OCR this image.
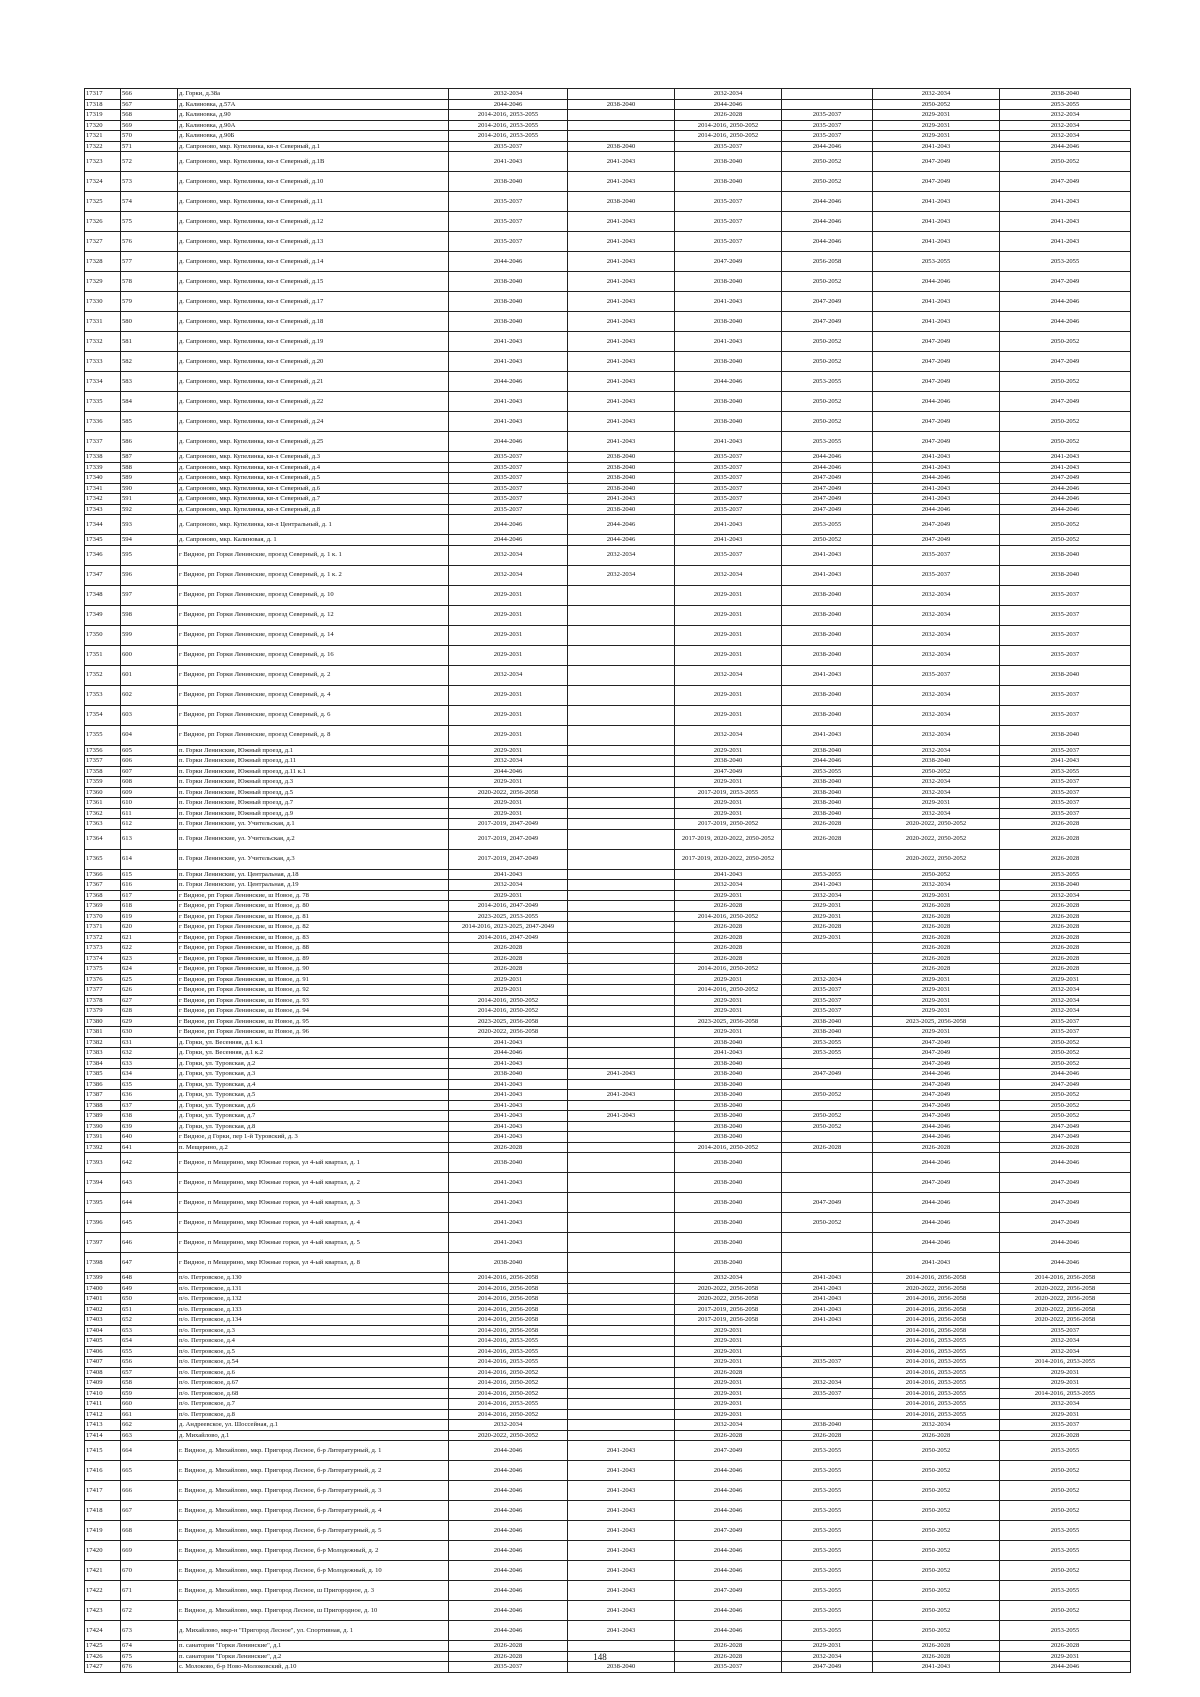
17317	566	д. Горки, д.38а	2032-2034		2032-2034		2032-2034	2038-2040
17318	567	д. Калиновка, д.57А	2044-2046	2038-2040	2044-2046		2050-2052	2053-2055
17319	568	д. Калиновка, д.90	2014-2016, 2053-2055		2026-2028	2035-2037	2029-2031	2032-2034
17320	569	д. Калиновка, д.90А	2014-2016, 2053-2055		2014-2016, 2050-2052	2035-2037	2029-2031	2032-2034
17321	570	д. Калиновка, д.90Б	2014-2016, 2053-2055		2014-2016, 2050-2052	2035-2037	2029-2031	2032-2034
17322	571	д. Сапроново, мкр. Купелинка, кв-л Северный, д.1	2035-2037	2038-2040	2035-2037	2044-2046	2041-2043	2044-2046
17323	572	д. Сапроново, мкр. Купелинка, кв-л Северный, д.1В	2041-2043	2041-2043	2038-2040	2050-2052	2047-2049	2050-2052
17324	573	д. Сапроново, мкр. Купелинка, кв-л Северный, д.10	2038-2040	2041-2043	2038-2040	2050-2052	2047-2049	2047-2049
17325	574	д. Сапроново, мкр. Купелинка, кв-л Северный, д.11	2035-2037	2038-2040	2035-2037	2044-2046	2041-2043	2041-2043
17326	575	д. Сапроново, мкр. Купелинка, кв-л Северный, д.12	2035-2037	2041-2043	2035-2037	2044-2046	2041-2043	2041-2043
17327	576	д. Сапроново, мкр. Купелинка, кв-л Северный, д.13	2035-2037	2041-2043	2035-2037	2044-2046	2041-2043	2041-2043
17328	577	д. Сапроново, мкр. Купелинка, кв-л Северный, д.14	2044-2046	2041-2043	2047-2049	2056-2058	2053-2055	2053-2055
17329	578	д. Сапроново, мкр. Купелинка, кв-л Северный, д.15	2038-2040	2041-2043	2038-2040	2050-2052	2044-2046	2047-2049
17330	579	д. Сапроново, мкр. Купелинка, кв-л Северный, д.17	2038-2040	2041-2043	2041-2043	2047-2049	2041-2043	2044-2046
17331	580	д. Сапроново, мкр. Купелинка, кв-л Северный, д.18	2038-2040	2041-2043	2038-2040	2047-2049	2041-2043	2044-2046
17332	581	д. Сапроново, мкр. Купелинка, кв-л Северный, д.19	2041-2043	2041-2043	2041-2043	2050-2052	2047-2049	2050-2052
17333	582	д. Сапроново, мкр. Купелинка, кв-л Северный, д.20	2041-2043	2041-2043	2038-2040	2050-2052	2047-2049	2047-2049
17334	583	д. Сапроново, мкр. Купелинка, кв-л Северный, д.21	2044-2046	2041-2043	2044-2046	2053-2055	2047-2049	2050-2052
17335	584	д. Сапроново, мкр. Купелинка, кв-л Северный, д.22	2041-2043	2041-2043	2038-2040	2050-2052	2044-2046	2047-2049
17336	585	д. Сапроново, мкр. Купелинка, кв-л Северный, д.24	2041-2043	2041-2043	2038-2040	2050-2052	2047-2049	2050-2052
17337	586	д. Сапроново, мкр. Купелинка, кв-л Северный, д.25	2044-2046	2041-2043	2041-2043	2053-2055	2047-2049	2050-2052
17338	587	д. Сапроново, мкр. Купелинка, кв-л Северный, д.3	2035-2037	2038-2040	2035-2037	2044-2046	2041-2043	2041-2043
17339	588	д. Сапроново, мкр. Купелинка, кв-л Северный, д.4	2035-2037	2038-2040	2035-2037	2044-2046	2041-2043	2041-2043
17340	589	д. Сапроново, мкр. Купелинка, кв-л Северный, д.5	2035-2037	2038-2040	2035-2037	2047-2049	2044-2046	2047-2049
17341	590	д. Сапроново, мкр. Купелинка, кв-л Северный, д.6	2035-2037	2038-2040	2035-2037	2047-2049	2041-2043	2044-2046
17342	591	д. Сапроново, мкр. Купелинка, кв-л Северный, д.7	2035-2037	2041-2043	2035-2037	2047-2049	2041-2043	2044-2046
17343	592	д. Сапроново, мкр. Купелинка, кв-л Северный, д.8	2035-2037	2038-2040	2035-2037	2047-2049	2044-2046	2044-2046
17344	593	д. Сапроново, мкр. Купелинка, кв-л Центральный, д. 1	2044-2046	2044-2046	2041-2043	2053-2055	2047-2049	2050-2052
17345	594	д. Сапроново, мкр. Калиновая, д. 1	2044-2046	2044-2046	2041-2043	2050-2052	2047-2049	2050-2052
17346	595	г Видное, рп Горки Ленинские, проезд Северный, д. 1 к. 1	2032-2034	2032-2034	2035-2037	2041-2043	2035-2037	2038-2040
17347	596	г Видное, рп Горки Ленинские, проезд Северный, д. 1 к. 2	2032-2034	2032-2034	2032-2034	2041-2043	2035-2037	2038-2040
17348	597	г Видное, рп Горки Ленинские, проезд Северный, д. 10	2029-2031		2029-2031	2038-2040	2032-2034	2035-2037
17349	598	г Видное, рп Горки Ленинские, проезд Северный, д. 12	2029-2031		2029-2031	2038-2040	2032-2034	2035-2037
17350	599	г Видное, рп Горки Ленинские, проезд Северный, д. 14	2029-2031		2029-2031	2038-2040	2032-2034	2035-2037
17351	600	г Видное, рп Горки Ленинские, проезд Северный, д. 16	2029-2031		2029-2031	2038-2040	2032-2034	2035-2037
17352	601	г Видное, рп Горки Ленинские, проезд Северный, д. 2	2032-2034		2032-2034	2041-2043	2035-2037	2038-2040
17353	602	г Видное, рп Горки Ленинские, проезд Северный, д. 4	2029-2031		2029-2031	2038-2040	2032-2034	2035-2037
17354	603	г Видное, рп Горки Ленинские, проезд Северный, д. 6	2029-2031		2029-2031	2038-2040	2032-2034	2035-2037
17355	604	г Видное, рп Горки Ленинские, проезд Северный, д. 8	2029-2031		2032-2034	2041-2043	2032-2034	2038-2040
17356	605	п. Горки Ленинские, Южный проезд, д.1	2029-2031		2029-2031	2038-2040	2032-2034	2035-2037
17357	606	п. Горки Ленинские, Южный проезд, д.11	2032-2034		2038-2040	2044-2046	2038-2040	2041-2043
17358	607	п. Горки Ленинские, Южный проезд, д.11 к.1	2044-2046		2047-2049	2053-2055	2050-2052	2053-2055
17359	608	п. Горки Ленинские, Южный проезд, д.3	2029-2031		2029-2031	2038-2040	2032-2034	2035-2037
17360	609	п. Горки Ленинские, Южный проезд, д.5	2020-2022, 2056-2058		2017-2019, 2053-2055	2038-2040	2032-2034	2035-2037
17361	610	п. Горки Ленинские, Южный проезд, д.7	2029-2031		2029-2031	2038-2040	2029-2031	2035-2037
17362	611	п. Горки Ленинские, Южный проезд, д.9	2029-2031		2029-2031	2038-2040	2032-2034	2035-2037
17363	612	п. Горки Ленинские, ул. Учительская, д.1	2017-2019, 2047-2049		2017-2019, 2050-2052	2026-2028	2020-2022, 2050-2052	2026-2028
17364	613	п. Горки Ленинские, ул. Учительская, д.2	2017-2019, 2047-2049		2017-2019, 2020-2022, 2050-2052	2026-2028	2020-2022, 2050-2052	2026-2028
17365	614	п. Горки Ленинские, ул. Учительская, д.3	2017-2019, 2047-2049		2017-2019, 2020-2022, 2050-2052		2020-2022, 2050-2052	2026-2028
17366	615	п. Горки Ленинские, ул. Центральная, д.18	2041-2043		2041-2043	2053-2055	2050-2052	2053-2055
17367	616	п. Горки Ленинские, ул. Центральная, д.19	2032-2034		2032-2034	2041-2043	2032-2034	2038-2040
17368	617	г Видное, рп Горки Ленинские, ш Новое, д. 78	2029-2031		2029-2031	2032-2034	2029-2031	2032-2034
17369	618	г Видное, рп Горки Ленинские, ш Новое, д. 80	2014-2016, 2047-2049		2026-2028	2029-2031	2026-2028	2026-2028
17370	619	г Видное, рп Горки Ленинские, ш Новое, д. 81	2023-2025, 2053-2055		2014-2016, 2050-2052	2029-2031	2026-2028	2026-2028
17371	620	г Видное, рп Горки Ленинские, ш Новое, д. 82	2014-2016, 2023-2025, 2047-2049		2026-2028	2026-2028	2026-2028	2026-2028
17372	621	г Видное, рп Горки Ленинские, ш Новое, д. 83	2014-2016, 2047-2049		2026-2028	2029-2031	2026-2028	2026-2028
17373	622	г Видное, рп Горки Ленинские, ш Новое, д. 88	2026-2028		2026-2028		2026-2028	2026-2028
17374	623	г Видное, рп Горки Ленинские, ш Новое, д. 89	2026-2028		2026-2028		2026-2028	2026-2028
17375	624	г Видное, рп Горки Ленинские, ш Новое, д. 90	2026-2028		2014-2016, 2050-2052		2026-2028	2026-2028
17376	625	г Видное, рп Горки Ленинские, ш Новое, д. 91	2029-2031		2029-2031	2032-2034	2029-2031	2029-2031
17377	626	г Видное, рп Горки Ленинские, ш Новое, д. 92	2029-2031		2014-2016, 2050-2052	2035-2037	2029-2031	2032-2034
17378	627	г Видное, рп Горки Ленинские, ш Новое, д. 93	2014-2016, 2050-2052		2029-2031	2035-2037	2029-2031	2032-2034
17379	628	г Видное, рп Горки Ленинские, ш Новое, д. 94	2014-2016, 2050-2052		2029-2031	2035-2037	2029-2031	2032-2034
17380	629	г Видное, рп Горки Ленинские, ш Новое, д. 95	2023-2025, 2056-2058		2023-2025, 2056-2058	2038-2040	2023-2025, 2056-2058	2035-2037
17381	630	г Видное, рп Горки Ленинские, ш Новое, д. 96	2020-2022, 2056-2058		2029-2031	2038-2040	2029-2031	2035-2037
17382	631	д. Горки, ул. Весенняя, д.1 к.1	2041-2043		2038-2040	2053-2055	2047-2049	2050-2052
17383	632	д. Горки, ул. Весенняя, д.1 к.2	2044-2046		2041-2043	2053-2055	2047-2049	2050-2052
17384	633	д. Горки, ул. Туровская, д.2	2041-2043		2038-2040		2047-2049	2050-2052
17385	634	д. Горки, ул. Туровская, д.3	2038-2040	2041-2043	2038-2040	2047-2049	2044-2046	2044-2046
17386	635	д. Горки, ул. Туровская, д.4	2041-2043		2038-2040		2047-2049	2047-2049
17387	636	д. Горки, ул. Туровская, д.5	2041-2043	2041-2043	2038-2040	2050-2052	2047-2049	2050-2052
17388	637	д. Горки, ул. Туровская, д.6	2041-2043		2038-2040		2047-2049	2050-2052
17389	638	д. Горки, ул. Туровская, д.7	2041-2043	2041-2043	2038-2040	2050-2052	2047-2049	2050-2052
17390	639	д. Горки, ул. Туровская, д.8	2041-2043		2038-2040	2050-2052	2044-2046	2047-2049
17391	640	г Видное, д Горки, пер 1-й Туровский, д. 3	2041-2043		2038-2040		2044-2046	2047-2049
17392	641	п. Мещерино, д.2	2026-2028		2014-2016, 2050-2052	2026-2028	2026-2028	2026-2028
17393	642	г Видное, п Мещерино, мкр Южные горки, ул 4-ый квартал, д. 1	2038-2040		2038-2040		2044-2046	2044-2046
17394	643	г Видное, п Мещерино, мкр Южные горки, ул 4-ый квартал, д. 2	2041-2043		2038-2040		2047-2049	2047-2049
17395	644	г Видное, п Мещерино, мкр Южные горки, ул 4-ый квартал, д. 3	2041-2043		2038-2040	2047-2049	2044-2046	2047-2049
17396	645	г Видное, п Мещерино, мкр Южные горки, ул 4-ый квартал, д. 4	2041-2043		2038-2040	2050-2052	2044-2046	2047-2049
17397	646	г Видное, п Мещерино, мкр Южные горки, ул 4-ый квартал, д. 5	2041-2043		2038-2040		2044-2046	2044-2046
17398	647	г Видное, п Мещерино, мкр Южные горки, ул 4-ый квартал, д. 8	2038-2040		2038-2040		2041-2043	2044-2046
17399	648	п/о. Петровское, д.130	2014-2016, 2056-2058		2032-2034	2041-2043	2014-2016, 2056-2058	2014-2016, 2056-2058
17400	649	п/о. Петровское, д.131	2014-2016, 2056-2058		2020-2022, 2056-2058	2041-2043	2020-2022, 2056-2058	2020-2022, 2056-2058
17401	650	п/о. Петровское, д.132	2014-2016, 2056-2058		2020-2022, 2056-2058	2041-2043	2014-2016, 2056-2058	2020-2022, 2056-2058
17402	651	п/о. Петровское, д.133	2014-2016, 2056-2058		2017-2019, 2056-2058	2041-2043	2014-2016, 2056-2058	2020-2022, 2056-2058
17403	652	п/о. Петровское, д.134	2014-2016, 2056-2058		2017-2019, 2056-2058	2041-2043	2014-2016, 2056-2058	2020-2022, 2056-2058
17404	653	п/о. Петровское, д.3	2014-2016, 2056-2058		2029-2031		2014-2016, 2056-2058	2035-2037
17405	654	п/о. Петровское, д.4	2014-2016, 2053-2055		2029-2031		2014-2016, 2053-2055	2032-2034
17406	655	п/о. Петровское, д.5	2014-2016, 2053-2055		2029-2031		2014-2016, 2053-2055	2032-2034
17407	656	п/о. Петровское, д.54	2014-2016, 2053-2055		2029-2031	2035-2037	2014-2016, 2053-2055	2014-2016, 2053-2055
17408	657	п/о. Петровское, д.6	2014-2016, 2050-2052		2026-2028		2014-2016, 2053-2055	2029-2031
17409	658	п/о. Петровское, д.67	2014-2016, 2050-2052		2029-2031	2032-2034	2014-2016, 2053-2055	2029-2031
17410	659	п/о. Петровское, д.68	2014-2016, 2050-2052		2029-2031	2035-2037	2014-2016, 2053-2055	2014-2016, 2053-2055
17411	660	п/о. Петровское, д.7	2014-2016, 2053-2055		2029-2031		2014-2016, 2053-2055	2032-2034
17412	661	п/о. Петровское, д.8	2014-2016, 2050-2052		2029-2031		2014-2016, 2053-2055	2029-2031
17413	662	д. Андреевское, ул. Шоссейная, д.1	2032-2034		2032-2034	2038-2040	2032-2034	2035-2037
17414	663	д. Михайлово, д.1	2020-2022, 2050-2052		2026-2028	2026-2028	2026-2028	2026-2028
17415	664	г. Видное, д. Михайлово, мкр. Пригород Лесное, б-р Литературный, д. 1	2044-2046	2041-2043	2047-2049	2053-2055	2050-2052	2053-2055
17416	665	г. Видное, д. Михайлово, мкр. Пригород Лесное, б-р Литературный, д. 2	2044-2046	2041-2043	2044-2046	2053-2055	2050-2052	2050-2052
17417	666	г. Видное, д. Михайлово, мкр. Пригород Лесное, б-р Литературный, д. 3	2044-2046	2041-2043	2044-2046	2053-2055	2050-2052	2050-2052
17418	667	г. Видное, д. Михайлово, мкр. Пригород Лесное, б-р Литературный, д. 4	2044-2046	2041-2043	2044-2046	2053-2055	2050-2052	2050-2052
17419	668	г. Видное, д. Михайлово, мкр. Пригород Лесное, б-р Литературный, д. 5	2044-2046	2041-2043	2047-2049	2053-2055	2050-2052	2053-2055
17420	669	г. Видное, д. Михайлово, мкр. Пригород Лесное, б-р Молодежный, д. 2	2044-2046	2041-2043	2044-2046	2053-2055	2050-2052	2053-2055
17421	670	г. Видное, д. Михайлово, мкр. Пригород Лесное, б-р Молодежный, д. 10	2044-2046	2041-2043	2044-2046	2053-2055	2050-2052	2050-2052
17422	671	г. Видное, д. Михайлово, мкр. Пригород Лесное, ш Пригородное, д. 3	2044-2046	2041-2043	2047-2049	2053-2055	2050-2052	2053-2055
17423	672	г. Видное, д. Михайлово, мкр. Пригород Лесное, ш Пригородное, д. 10	2044-2046	2041-2043	2044-2046	2053-2055	2050-2052	2050-2052
17424	673	д. Михайлово, мкр-н "Пригород Лесное", ул. Спортивная, д. 1	2044-2046	2041-2043	2044-2046	2053-2055	2050-2052	2053-2055
17425	674	п. санатория "Горки Ленинские", д.1	2026-2028		2026-2028	2029-2031	2026-2028	2026-2028
17426	675	п. санатория "Горки Ленинские", д.2	2026-2028		2026-2028	2032-2034	2026-2028	2029-2031
17427	676	с. Молоково, б-р Ново-Молоковский, д.10	2035-2037	2038-2040	2035-2037	2047-2049	2041-2043	2044-2046
148
